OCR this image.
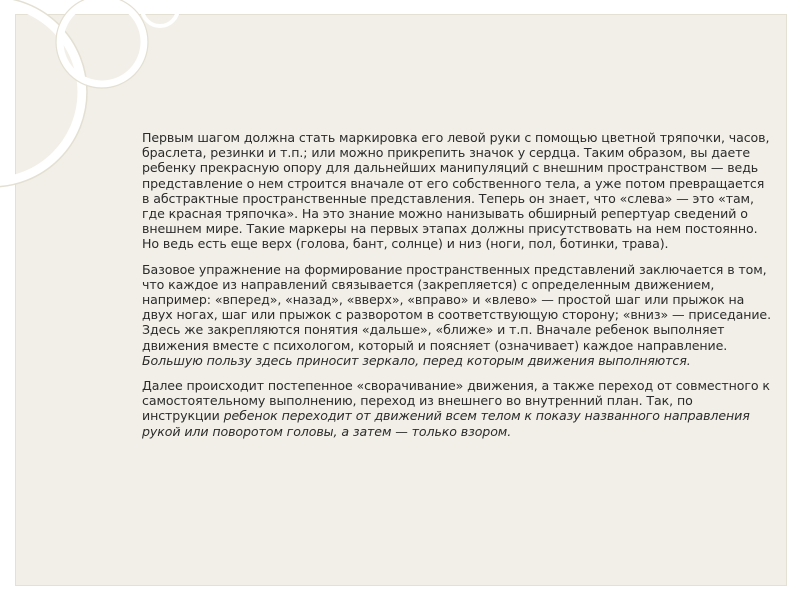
Первым шагом должна стать маркировка его левой руки с помощью цветной тряпочки, часов, браслета, резинки и т.п.; или можно прикрепить значок у сердца. Таким образом, вы даете ребенку прекрасную опору для дальнейших манипуляций с внешним пространством — ведь представление о нем строится вначале от его собственного тела, а уже потом превращается в абстрактные пространственные представления. Теперь он знает, что «слева» — это «там, где красная тряпочка». На это знание можно нанизывать обширный репертуар сведений о внешнем мире. Такие маркеры на первых этапах должны присутствовать на нем постоянно. Но ведь есть еще верх (голова, бант, солнце) и низ (ноги, пол, ботинки, трава).

Базовое упражнение на формирование пространственных представлений заключается в том, что каждое из направлений связывается (закрепляется) с определенным движением, например: «вперед», «назад», «вверх», «вправо» и «влево» — простой шаг или прыжок на двух ногах, шаг или прыжок с разворотом в соответствующую сторону; «вниз» — приседание. Здесь же закрепляются понятия «дальше», «ближе» и т.п. Вначале ребенок выполняет движения вместе с психологом, который и поясняет (означивает) каждое направление. Большую пользу здесь приносит зеркало, перед которым движения выполняются.

Далее происходит постепенное «сворачивание» движения, а также переход от совместного к самостоятельному выполнению, переход из внешнего во внутренний план. Так, по инструкции ребенок переходит от движений всем телом к показу названного направления рукой или поворотом головы, а затем — только взором.
